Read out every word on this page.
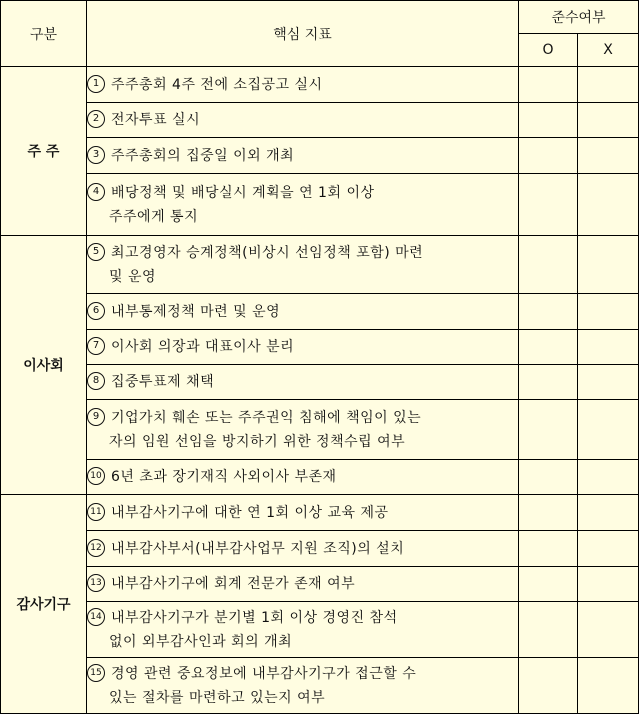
구분	핵심 지표	준수여부	
		O	X
주 주	1 주주총회 4주 전에 소집공고 실시		

	2 전자투표 실시		

	3 주주총회의 집중일 이외 개최		

	4 배당정책 및 배당실시 계획을 연 1회 이상
주주에게 통지		

이사회	5 최고경영자 승계정책(비상시 선임정책 포함) 마련
및 운영		

	6 내부통제정책 마련 및 운영		

	7 이사회 의장과 대표이사 분리		

	8 집중투표제 채택		

	9 기업가치 훼손 또는 주주권익 침해에 책임이 있는
자의 임원 선임을 방지하기 위한 정책수립 여부		

	10 6년 초과 장기재직 사외이사 부존재		

감사기구	11 내부감사기구에 대한 연 1회 이상 교육 제공		

	12 내부감사부서(내부감사업무 지원 조직)의 설치		

	13 내부감사기구에 회계 전문가 존재 여부		

	14 내부감사기구가 분기별 1회 이상 경영진 참석
없이 외부감사인과 회의 개최		

	15 경영 관련 중요정보에 내부감사기구가 접근할 수
있는 절차를 마련하고 있는지 여부		
